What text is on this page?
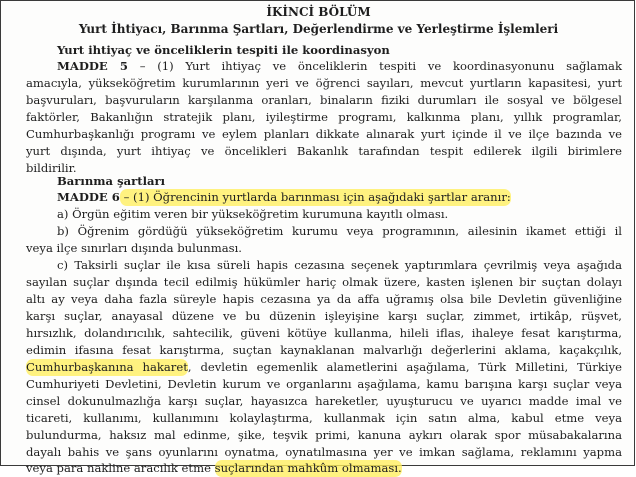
İKİNCİ BÖLÜM
Yurt İhtiyacı, Barınma Şartları, Değerlendirme ve Yerleştirme İşlemleri
Yurt ihtiyaç ve önceliklerin tespiti ile koordinasyon
MADDE 5 – (1) Yurt ihtiyaç ve önceliklerin tespiti ve koordinasyonunu sağlamak
amacıyla, yükseköğretim kurumlarının yeri ve öğrenci sayıları, mevcut yurtların kapasitesi, yurt
başvuruları, başvuruların karşılanma oranları, binaların fiziki durumları ile sosyal ve bölgesel
faktörler, Bakanlığın stratejik planı, iyileştirme programı, kalkınma planı, yıllık programlar,
Cumhurbaşkanlığı programı ve eylem planları dikkate alınarak yurt içinde il ve ilçe bazında ve
yurt dışında, yurt ihtiyaç ve öncelikleri Bakanlık tarafından tespit edilerek ilgili birimlere
bildirilir.
Barınma şartları
MADDE 6 – (1) Öğrencinin yurtlarda barınması için aşağıdaki şartlar aranır:
a) Örgün eğitim veren bir yükseköğretim kurumuna kayıtlı olması.
b) Öğrenim gördüğü yükseköğretim kurumu veya programının, ailesinin ikamet ettiği il
veya ilçe sınırları dışında bulunması.
c) Taksirli suçlar ile kısa süreli hapis cezasına seçenek yaptırımlara çevrilmiş veya aşağıda
sayılan suçlar dışında tecil edilmiş hükümler hariç olmak üzere, kasten işlenen bir suçtan dolayı
altı ay veya daha fazla süreyle hapis cezasına ya da affa uğramış olsa bile Devletin güvenliğine
karşı suçlar, anayasal düzene ve bu düzenin işleyişine karşı suçlar, zimmet, irtikâp, rüşvet,
hırsızlık, dolandırıcılık, sahtecilik, güveni kötüye kullanma, hileli iflas, ihaleye fesat karıştırma,
edimin ifasına fesat karıştırma, suçtan kaynaklanan malvarlığı değerlerini aklama, kaçakçılık,
Cumhurbaşkanına hakaret, devletin egemenlik alametlerini aşağılama, Türk Milletini, Türkiye
Cumhuriyeti Devletini, Devletin kurum ve organlarını aşağılama, kamu barışına karşı suçlar veya
cinsel dokunulmazlığa karşı suçlar, hayasızca hareketler, uyuşturucu ve uyarıcı madde imal ve
ticareti, kullanımı, kullanımını kolaylaştırma, kullanmak için satın alma, kabul etme veya
bulundurma, haksız mal edinme, şike, teşvik primi, kanuna aykırı olarak spor müsabakalarına
dayalı bahis ve şans oyunlarını oynatma, oynatılmasına yer ve imkan sağlama, reklamını yapma
veya para nakline aracılık etme suçlarından mahkûm olmaması.
